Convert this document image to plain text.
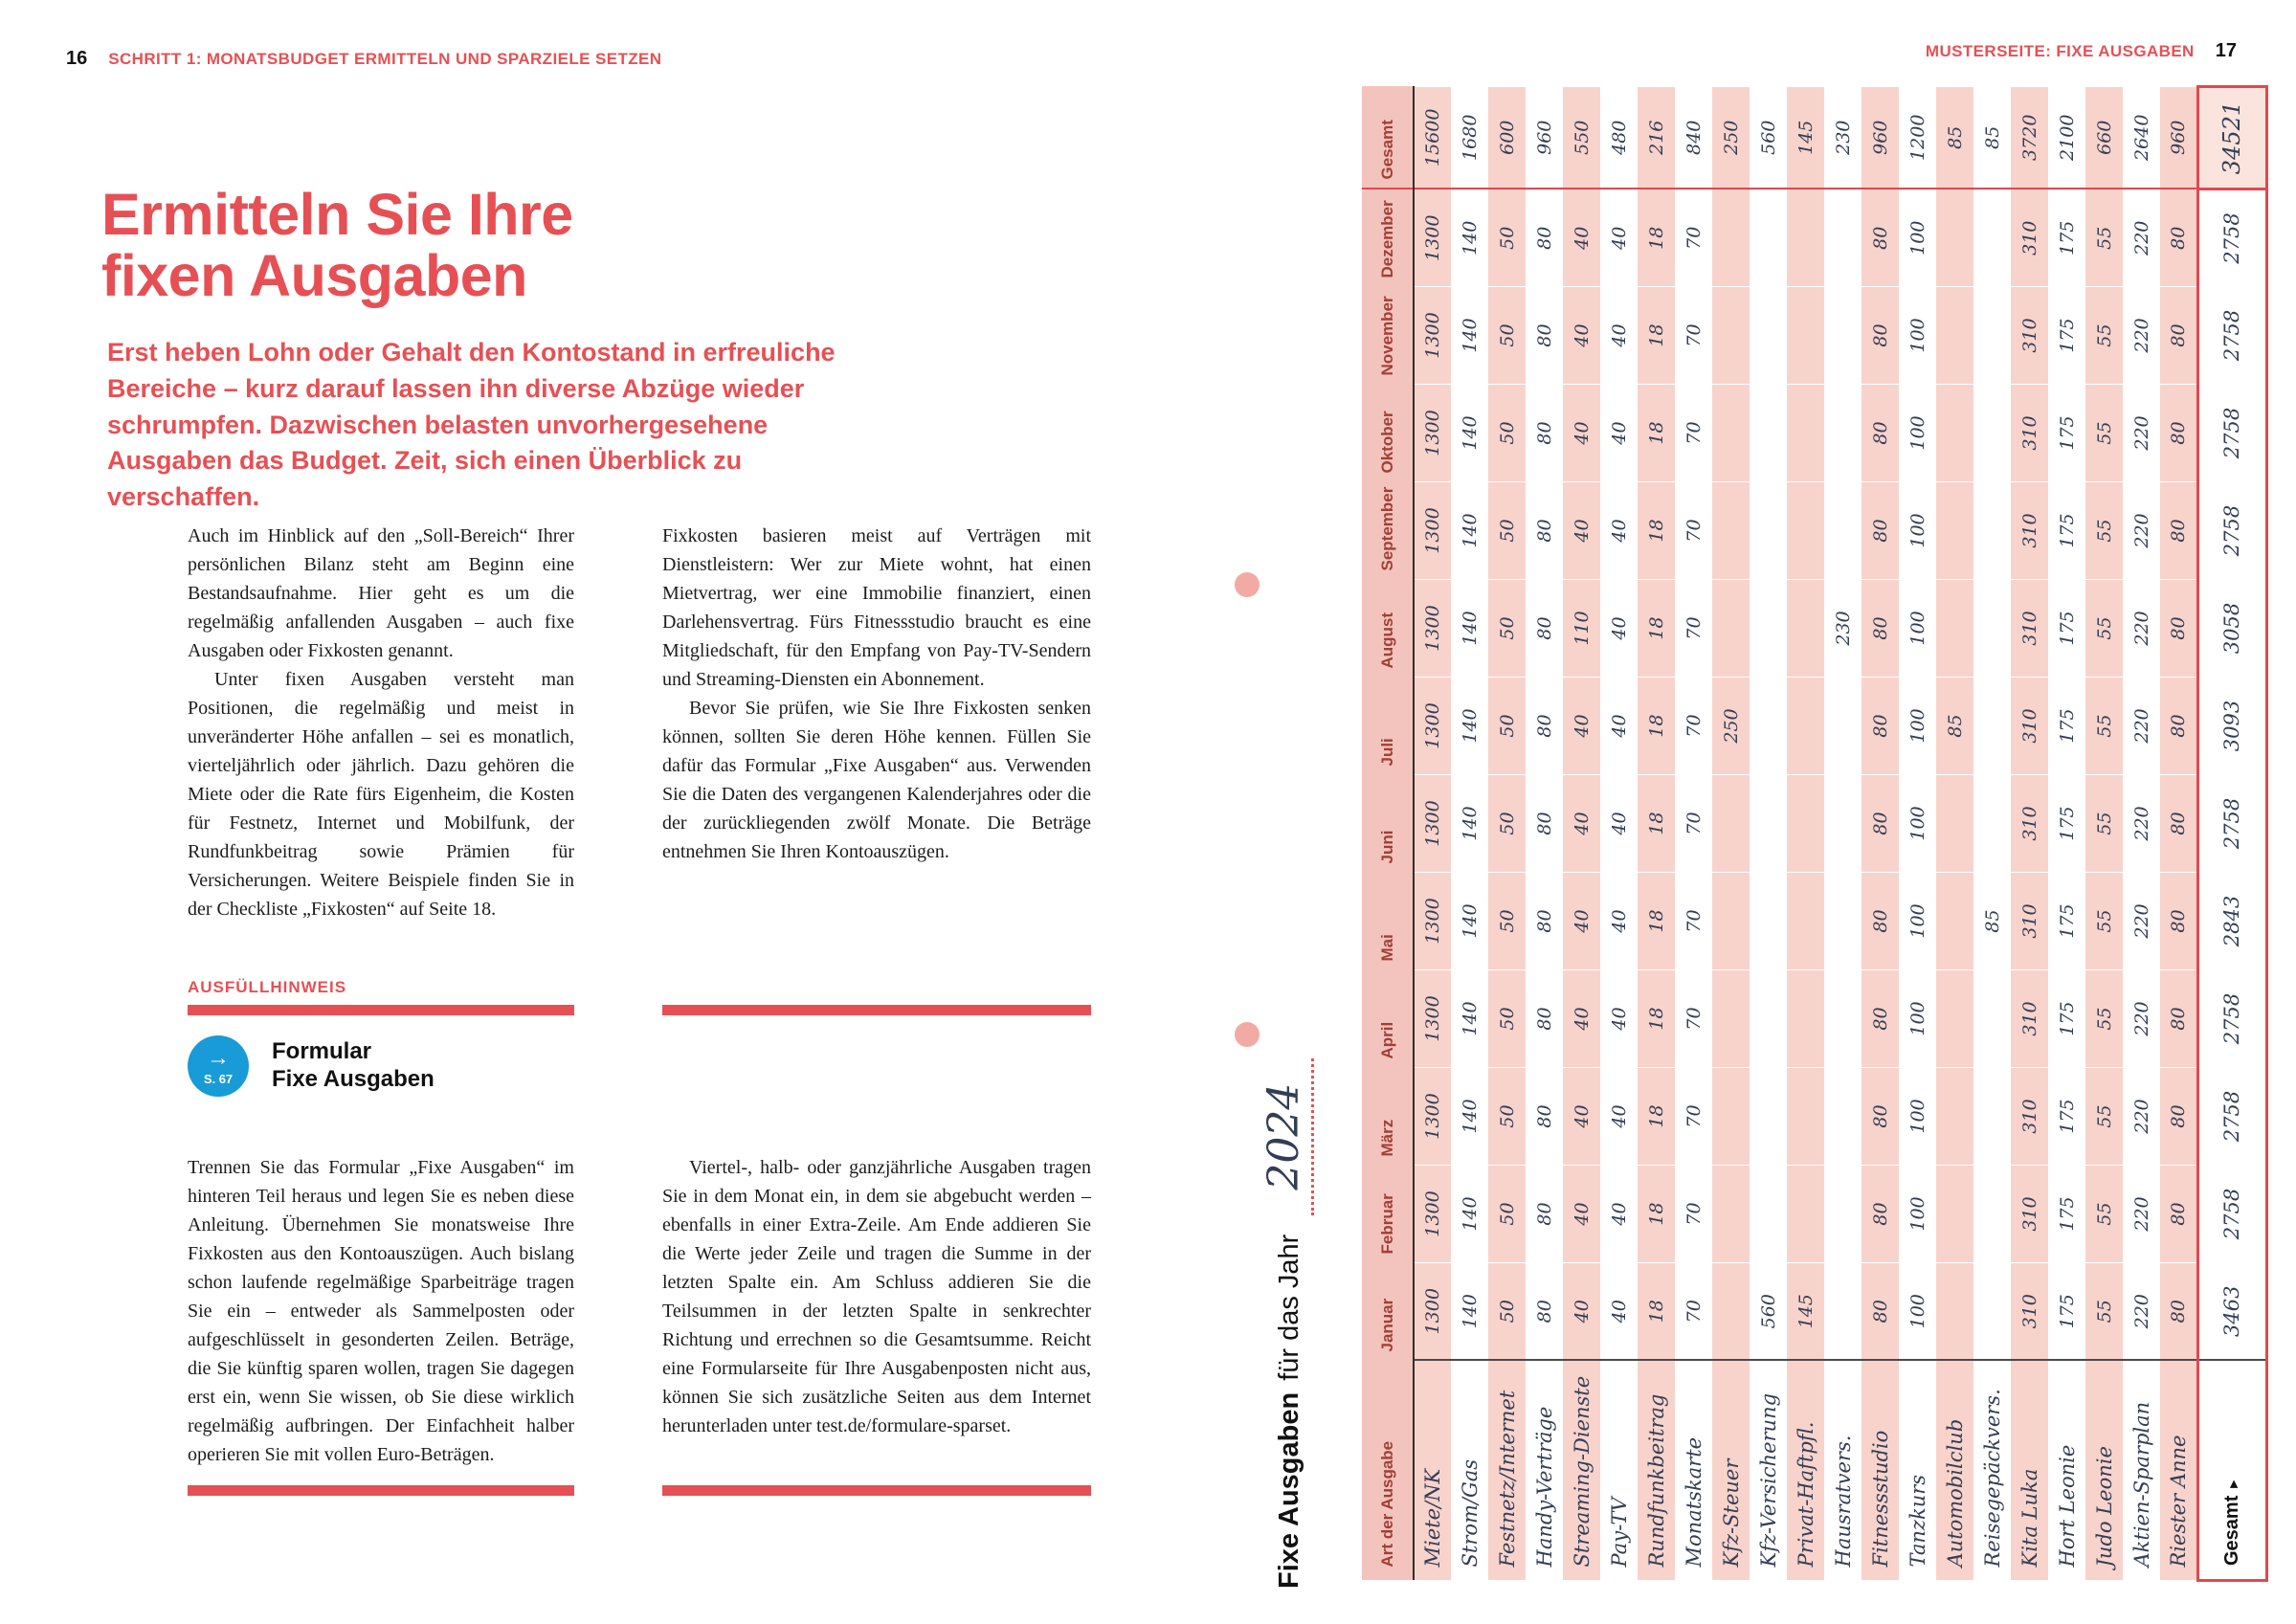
16 SCHRITT 1: MONATSBUDGET ERMITTELN UND SPARZIELE SETZEN
Ermitteln Sie Ihre
fixen Ausgaben

Erst heben Lohn oder Gehalt den Kontostand in erfreuliche Bereiche – kurz darauf lassen ihn diverse Abzüge wieder schrumpfen. Dazwischen belasten unvorhergesehene Ausgaben das Budget. Zeit, sich einen Überblick zu verschaffen.

Auch im Hinblick auf den „Soll-Bereich“ Ihrer persönlichen Bilanz steht am Beginn eine Bestandsaufnahme. Hier geht es um die regelmäßig anfallenden Ausgaben – auch fixe Ausgaben oder Fixkosten genannt.

Unter fixen Ausgaben versteht man Positionen, die regelmäßig und meist in unveränderter Höhe anfallen – sei es monatlich, vierteljährlich oder jährlich. Dazu gehören die Miete oder die Rate fürs Eigenheim, die Kosten für Festnetz, Internet und Mobilfunk, der Rundfunkbeitrag sowie Prämien für Versicherungen. Weitere Beispiele finden Sie in der Checkliste „Fixkosten“ auf Seite 18.

Fixkosten basieren meist auf Verträgen mit Dienstleistern: Wer zur Miete wohnt, hat einen Mietvertrag, wer eine Immobilie finanziert, einen Darlehensvertrag. Fürs Fitnessstudio braucht es eine Mitgliedschaft, für den Empfang von Pay-TV-Sendern und Streaming-Diensten ein Abonnement.

Bevor Sie prüfen, wie Sie Ihre Fixkosten senken können, sollten Sie deren Höhe kennen. Füllen Sie dafür das Formular „Fixe Ausgaben“ aus. Verwenden Sie die Daten des vergangenen Kalenderjahres oder die der zurückliegenden zwölf Monate. Die Beträge entnehmen Sie Ihren Kontoauszügen.

AUSFÜLLHINWEIS
→
S. 67
Formular
Fixe Ausgaben

Trennen Sie das Formular „Fixe Ausgaben“ im hinteren Teil heraus und legen Sie es neben diese Anleitung. Übernehmen Sie monatsweise Ihre Fixkosten aus den Kontoauszügen. Auch bislang schon laufende regelmäßige Sparbeiträge tragen Sie ein – entweder als Sammelposten oder aufgeschlüsselt in gesonderten Zeilen. Beträge, die Sie künftig sparen wollen, tragen Sie dagegen erst ein, wenn Sie wissen, ob Sie diese wirklich regelmäßig aufbringen. Der Einfachheit halber operieren Sie mit vollen Euro-Beträgen.

Viertel-, halb- oder ganzjährliche Ausgaben tragen Sie in dem Monat ein, in dem sie abgebucht werden – ebenfalls in einer Extra-Zeile. Am Ende addieren Sie die Werte jeder Zeile und tragen die Summe in der letzten Spalte ein. Am Schluss addieren Sie die Teilsummen in der letzten Spalte in senkrechter Richtung und errechnen so die Gesamtsumme. Reicht eine Formularseite für Ihre Ausgabenposten nicht aus, können Sie sich zusätzliche Seiten aus dem Internet herunterladen unter test.de/formulare-sparset.

MUSTERSEITE: FIXE AUSGABEN 17
Fixe Ausgaben
für das Jahr
2024
Art der Ausgabe	Januar	Februar	März	April	Mai	Juni	Juli	August	September	Oktober	November	Dezember	Gesamt
Miete/NK	1300	1300	1300	1300	1300	1300	1300	1300	1300	1300	1300	1300	15600
Strom/Gas	140	140	140	140	140	140	140	140	140	140	140	140	1680
Festnetz/Internet	50	50	50	50	50	50	50	50	50	50	50	50	600
Handy-Verträge	80	80	80	80	80	80	80	80	80	80	80	80	960
Streaming-Dienste	40	40	40	40	40	40	40	110	40	40	40	40	550
Pay-TV	40	40	40	40	40	40	40	40	40	40	40	40	480
Rundfunkbeitrag	18	18	18	18	18	18	18	18	18	18	18	18	216
Monatskarte	70	70	70	70	70	70	70	70	70	70	70	70	840
Kfz-Steuer							250						250
Kfz-Versicherung	560												560
Privat-Haftpfl.	145												145
Hausratvers.								230					230
Fitnessstudio	80	80	80	80	80	80	80	80	80	80	80	80	960
Tanzkurs	100	100	100	100	100	100	100	100	100	100	100	100	1200
Automobilclub							85						85
Reisegepäckvers.					85								85
Kita Luka	310	310	310	310	310	310	310	310	310	310	310	310	3720
Hort Leonie	175	175	175	175	175	175	175	175	175	175	175	175	2100
Judo Leonie	55	55	55	55	55	55	55	55	55	55	55	55	660
Aktien-Sparplan	220	220	220	220	220	220	220	220	220	220	220	220	2640
Riester Anne	80	80	80	80	80	80	80	80	80	80	80	80	960
Gesamt▸	3463	2758	2758	2758	2843	2758	3093	3058	2758	2758	2758	2758	34521
